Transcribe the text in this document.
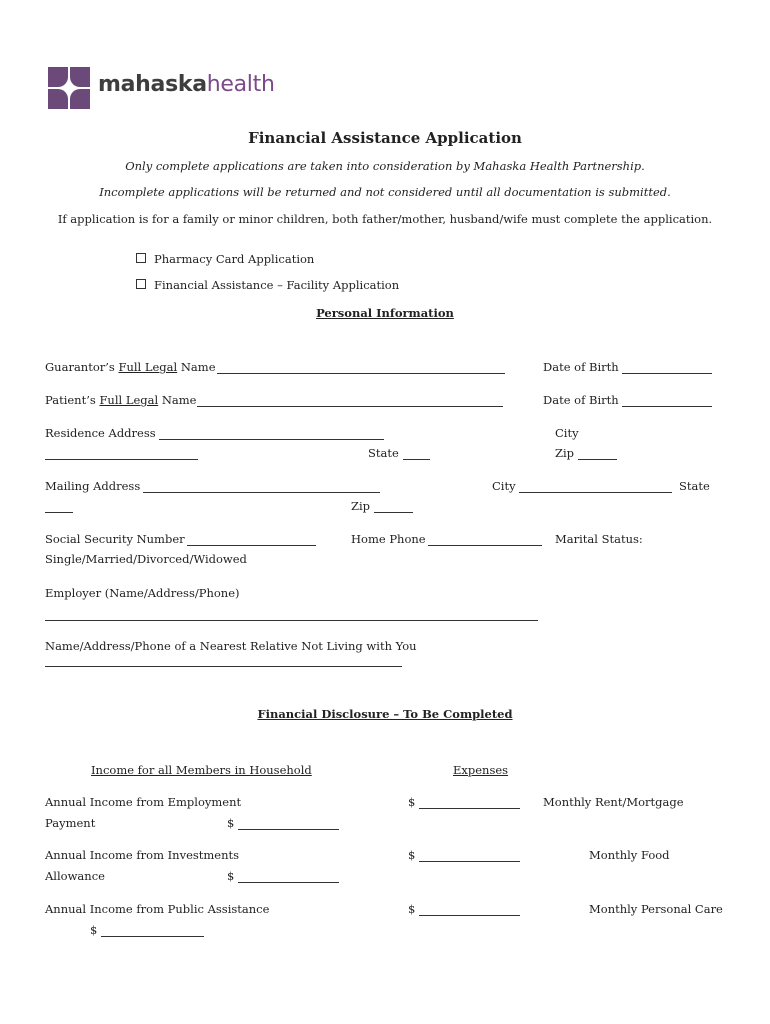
mahaskahealth
Financial Assistance Application
Only complete applications are taken into consideration by Mahaska Health Partnership.
Incomplete applications will be returned and not considered until all documentation is submitted.
If application is for a family or minor children, both father/mother, husband/wife must complete the application.
Pharmacy Card Application
Financial Assistance – Facility Application
Personal Information
Guarantor’s Full Legal Name	Date of Birth
Patient’s Full Legal Name	Date of Birth
Residence Address	City
State	Zip
Mailing Address	City	State
Zip
Social Security Number	Home Phone	Marital Status:
Single/Married/Divorced/Widowed
Employer (Name/Address/Phone)
Name/Address/Phone of a Nearest Relative Not Living with You
Financial Disclosure – To Be Completed
Income for all Members in Household	Expenses
Annual Income from Employment	$	Monthly Rent/Mortgage
Payment	$
Annual Income from Investments	$	Monthly Food
Allowance	$
Annual Income from Public Assistance	$	Monthly Personal Care
$
